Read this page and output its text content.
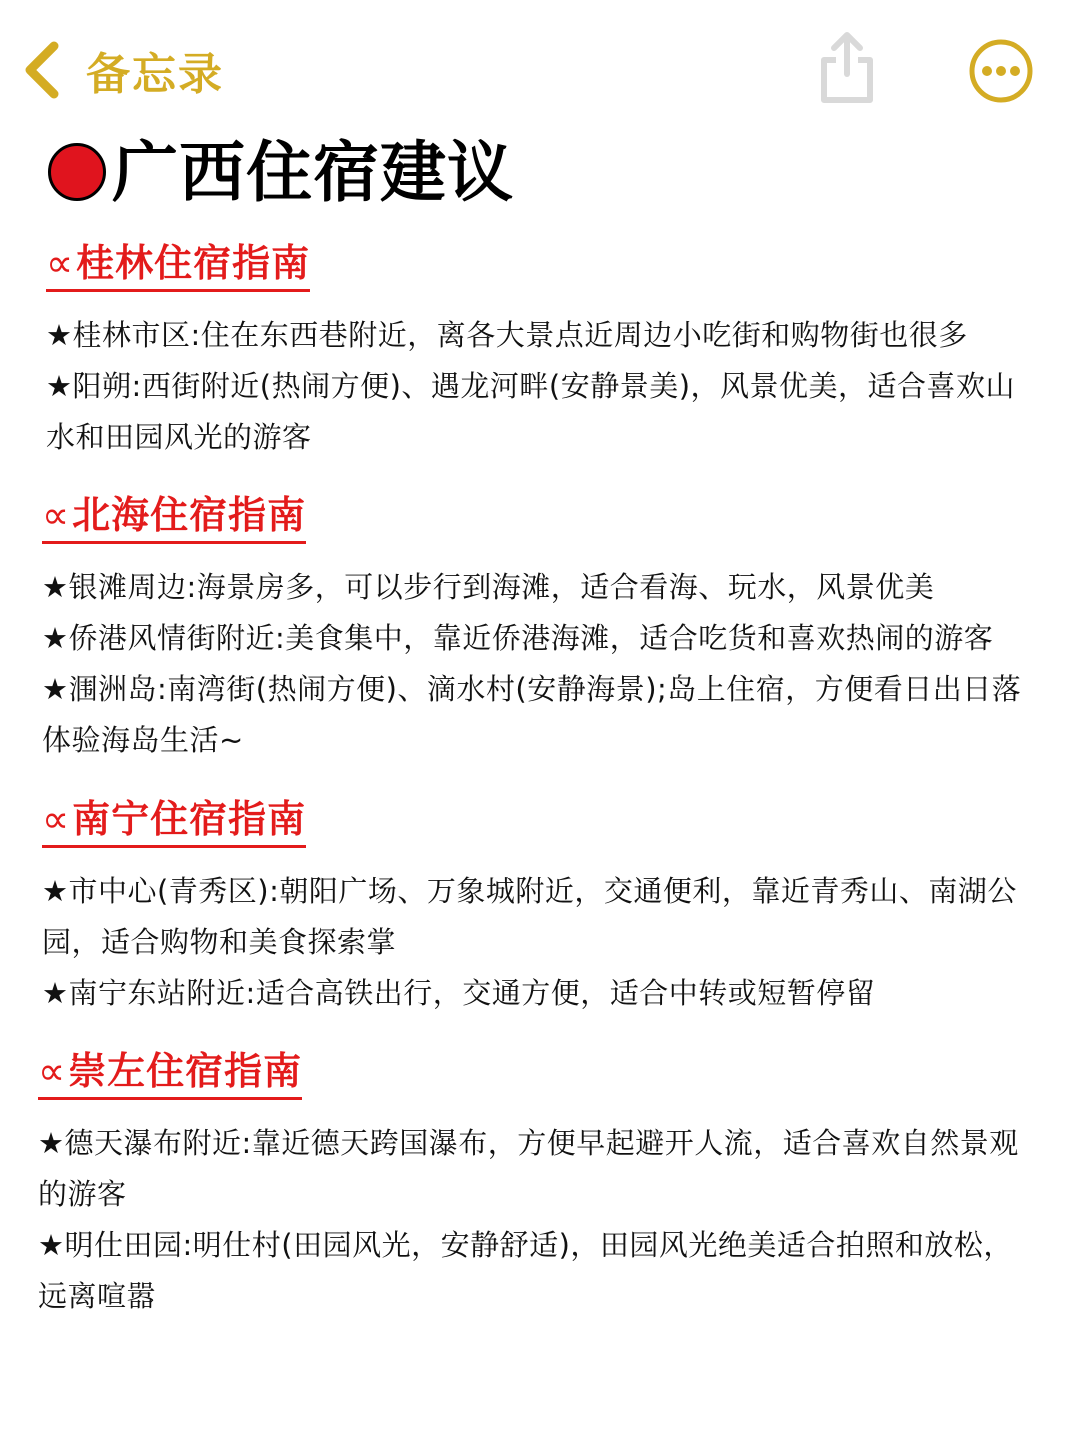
备忘录
广西住宿建议
∝桂林住宿指南

★桂林市区:住在东西巷附近，离各大景点近周边小吃街和购物街也很多

★阳朔:西街附近(热闹方便)、遇龙河畔(安静景美)，风景优美，适合喜欢山

水和田园风光的游客

∝北海住宿指南

★银滩周边:海景房多，可以步行到海滩，适合看海、玩水，风景优美

★侨港风情街附近:美食集中，靠近侨港海滩，适合吃货和喜欢热闹的游客

★涠洲岛:南湾街(热闹方便)、滴水村(安静海景);岛上住宿，方便看日出日落

体验海岛生活~

∝南宁住宿指南

★市中心(青秀区):朝阳广场、万象城附近，交通便利，靠近青秀山、南湖公

园，适合购物和美食探索掌

★南宁东站附近:适合高铁出行，交通方便，适合中转或短暂停留

∝崇左住宿指南

★德天瀑布附近:靠近德天跨国瀑布，方便早起避开人流，适合喜欢自然景观

的游客

★明仕田园:明仕村(田园风光，安静舒适)，田园风光绝美适合拍照和放松，

远离喧嚣
